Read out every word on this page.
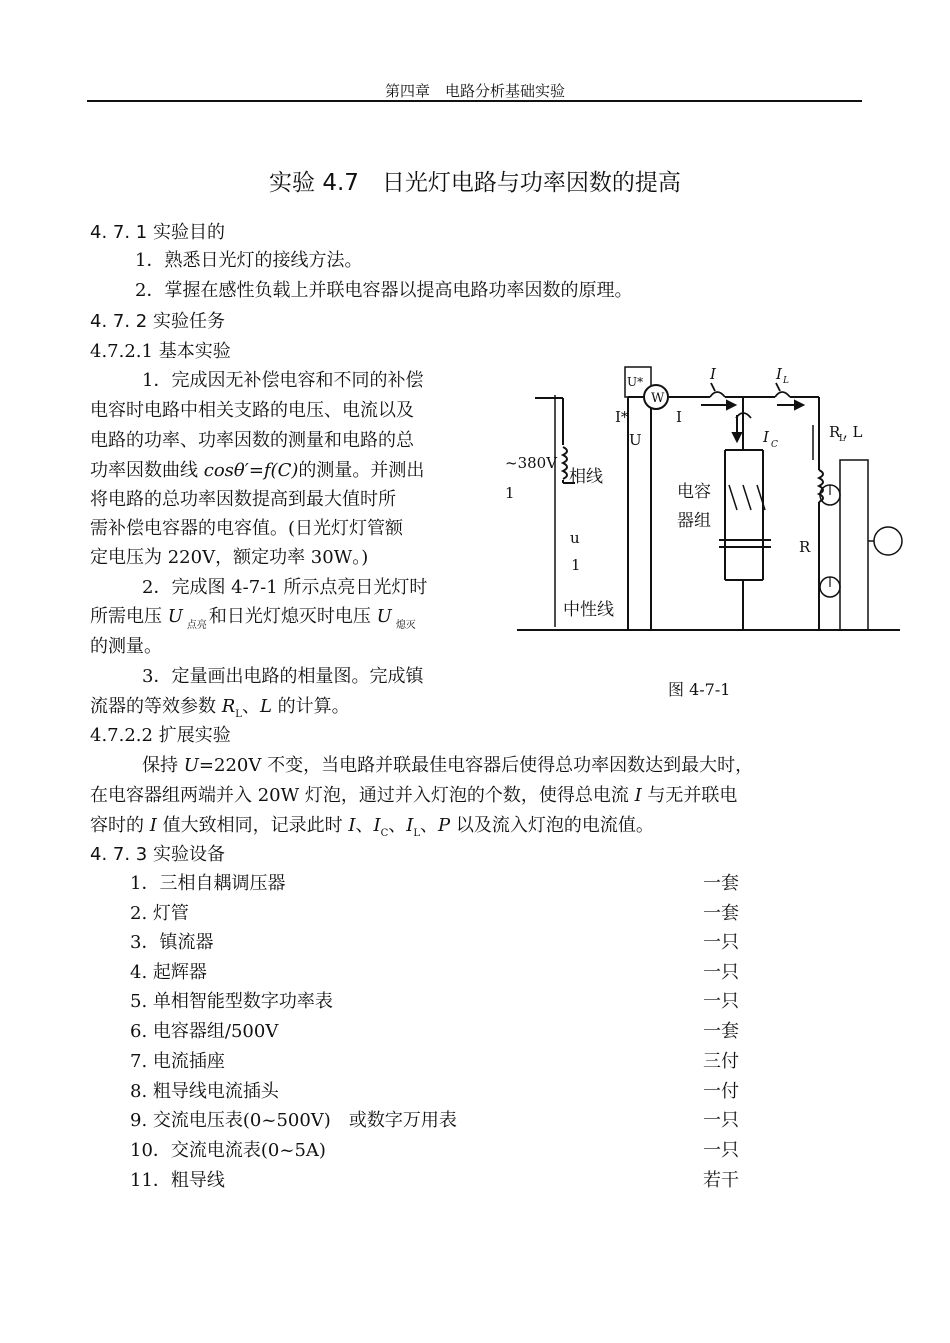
第四章　电路分析基础实验
实验 4.7　日光灯电路与功率因数的提高
4. 7. 1 实验目的
1．熟悉日光灯的接线方法。
2．掌握在感性负载上并联电容器以提高电路功率因数的原理。
4. 7. 2 实验任务
4.7.2.1 基本实验
1．完成因无补偿电容和不同的补偿
电容时电路中相关支路的电压、电流以及
电路的功率、功率因数的测量和电路的总
功率因数曲线 cosθ′=f(C)的测量。并测出
将电路的总功率因数提高到最大值时所
需补偿电容器的电容值。(日光灯灯管额
定电压为 220V，额定功率 30W。)
2．完成图 4-7-1 所示点亮日光灯时
所需电压 U $_{点亮}$ 和日光灯熄灭时电压 U $_{熄灭}$
的测量。
3．定量画出电路的相量图。完成镇
流器的等效参数 $R_L$、L 的计算。
U*
W
I*
U
I
I	I L
I C
R
L
, L
~380V
1
相线
电容
器组
u
1
中性线
R
图 4-7-1
4.7.2.2 扩展实验
保持 U=220V 不变，当电路并联最佳电容器后使得总功率因数达到最大时，
在电容器组两端并入 20W 灯泡，通过并入灯泡的个数，使得总电流 I 与无并联电
容时的 I 值大致相同，记录此时 I、$I_C$、$I_L$、P 以及流入灯泡的电流值。
4. 7. 3 实验设备
1．三相自耦调压器	一套
2. 灯管	一套
3．镇流器	一只
4. 起辉器	一只
5. 单相智能型数字功率表	一只
6. 电容器组/500V	一套
7. 电流插座	三付
8. 粗导线电流插头	一付
9. 交流电压表(0~500V)　或数字万用表	一只
10．交流电流表(0~5A)	一只
11．粗导线	若干
